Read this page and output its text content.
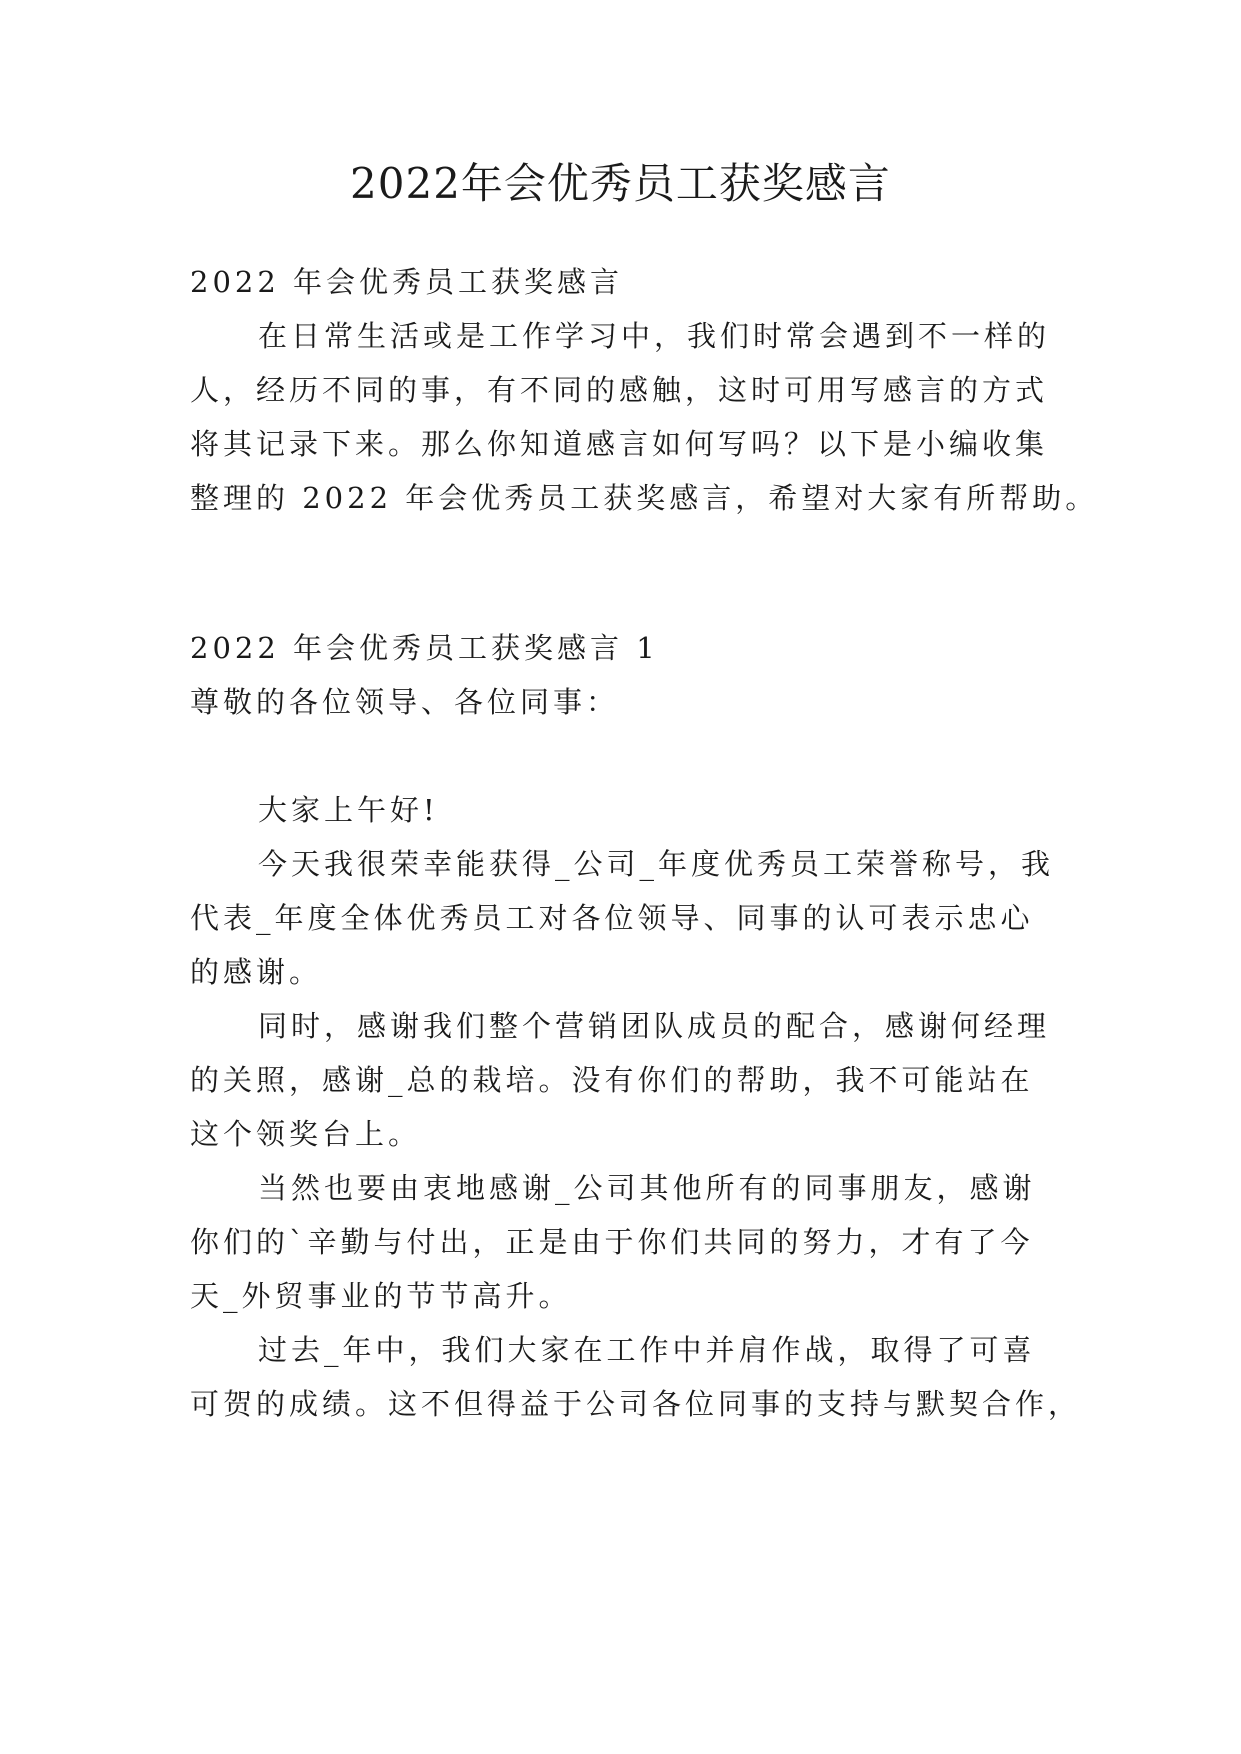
2022年会优秀员工获奖感言

2022 年会优秀员工获奖感言

在日常生活或是工作学习中，我们时常会遇到不一样的

人，经历不同的事，有不同的感触，这时可用写感言的方式

将其记录下来。那么你知道感言如何写吗？以下是小编收集

整理的 2022 年会优秀员工获奖感言，希望对大家有所帮助。

2022 年会优秀员工获奖感言 1

尊敬的各位领导、各位同事：

大家上午好!

今天我很荣幸能获得_公司_年度优秀员工荣誉称号，我

代表_年度全体优秀员工对各位领导、同事的认可表示忠心

的感谢。

同时，感谢我们整个营销团队成员的配合，感谢何经理

的关照，感谢_总的栽培。没有你们的帮助，我不可能站在

这个领奖台上。

当然也要由衷地感谢_公司其他所有的同事朋友，感谢

你们的`辛勤与付出，正是由于你们共同的努力，才有了今

天_外贸事业的节节高升。

过去_年中，我们大家在工作中并肩作战，取得了可喜

可贺的成绩。这不但得益于公司各位同事的支持与默契合作，
